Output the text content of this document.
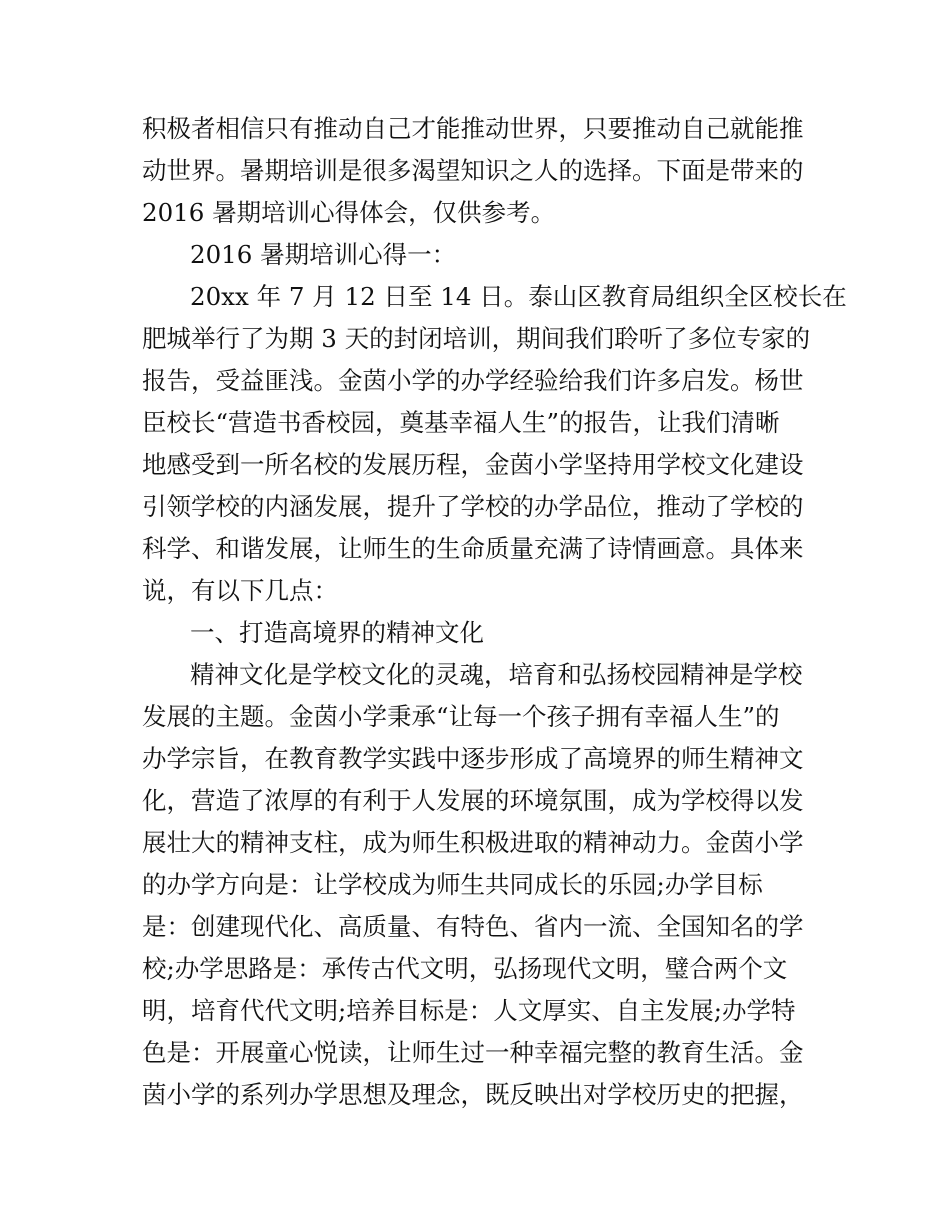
积极者相信只有推动自己才能推动世界，只要推动自己就能推
动世界。暑期培训是很多渴望知识之人的选择。下面是带来的
2016 暑期培训心得体会，仅供参考。
2016 暑期培训心得一：
20xx 年 7 月 12 日至 14 日。泰山区教育局组织全区校长在
肥城举行了为期 3 天的封闭培训，期间我们聆听了多位专家的
报告，受益匪浅。金茵小学的办学经验给我们许多启发。杨世
臣校长“营造书香校园，奠基幸福人生”的报告，让我们清晰
地感受到一所名校的发展历程，金茵小学坚持用学校文化建设
引领学校的内涵发展，提升了学校的办学品位，推动了学校的
科学、和谐发展，让师生的生命质量充满了诗情画意。具体来
说，有以下几点：
一、打造高境界的精神文化
精神文化是学校文化的灵魂，培育和弘扬校园精神是学校
发展的主题。金茵小学秉承“让每一个孩子拥有幸福人生”的
办学宗旨，在教育教学实践中逐步形成了高境界的师生精神文
化，营造了浓厚的有利于人发展的环境氛围，成为学校得以发
展壮大的精神支柱，成为师生积极进取的精神动力。金茵小学
的办学方向是：让学校成为师生共同成长的乐园;办学目标
是：创建现代化、高质量、有特色、省内一流、全国知名的学
校;办学思路是：承传古代文明，弘扬现代文明，璧合两个文
明，培育代代文明;培养目标是：人文厚实、自主发展;办学特
色是：开展童心悦读，让师生过一种幸福完整的教育生活。金
茵小学的系列办学思想及理念，既反映出对学校历史的把握，
